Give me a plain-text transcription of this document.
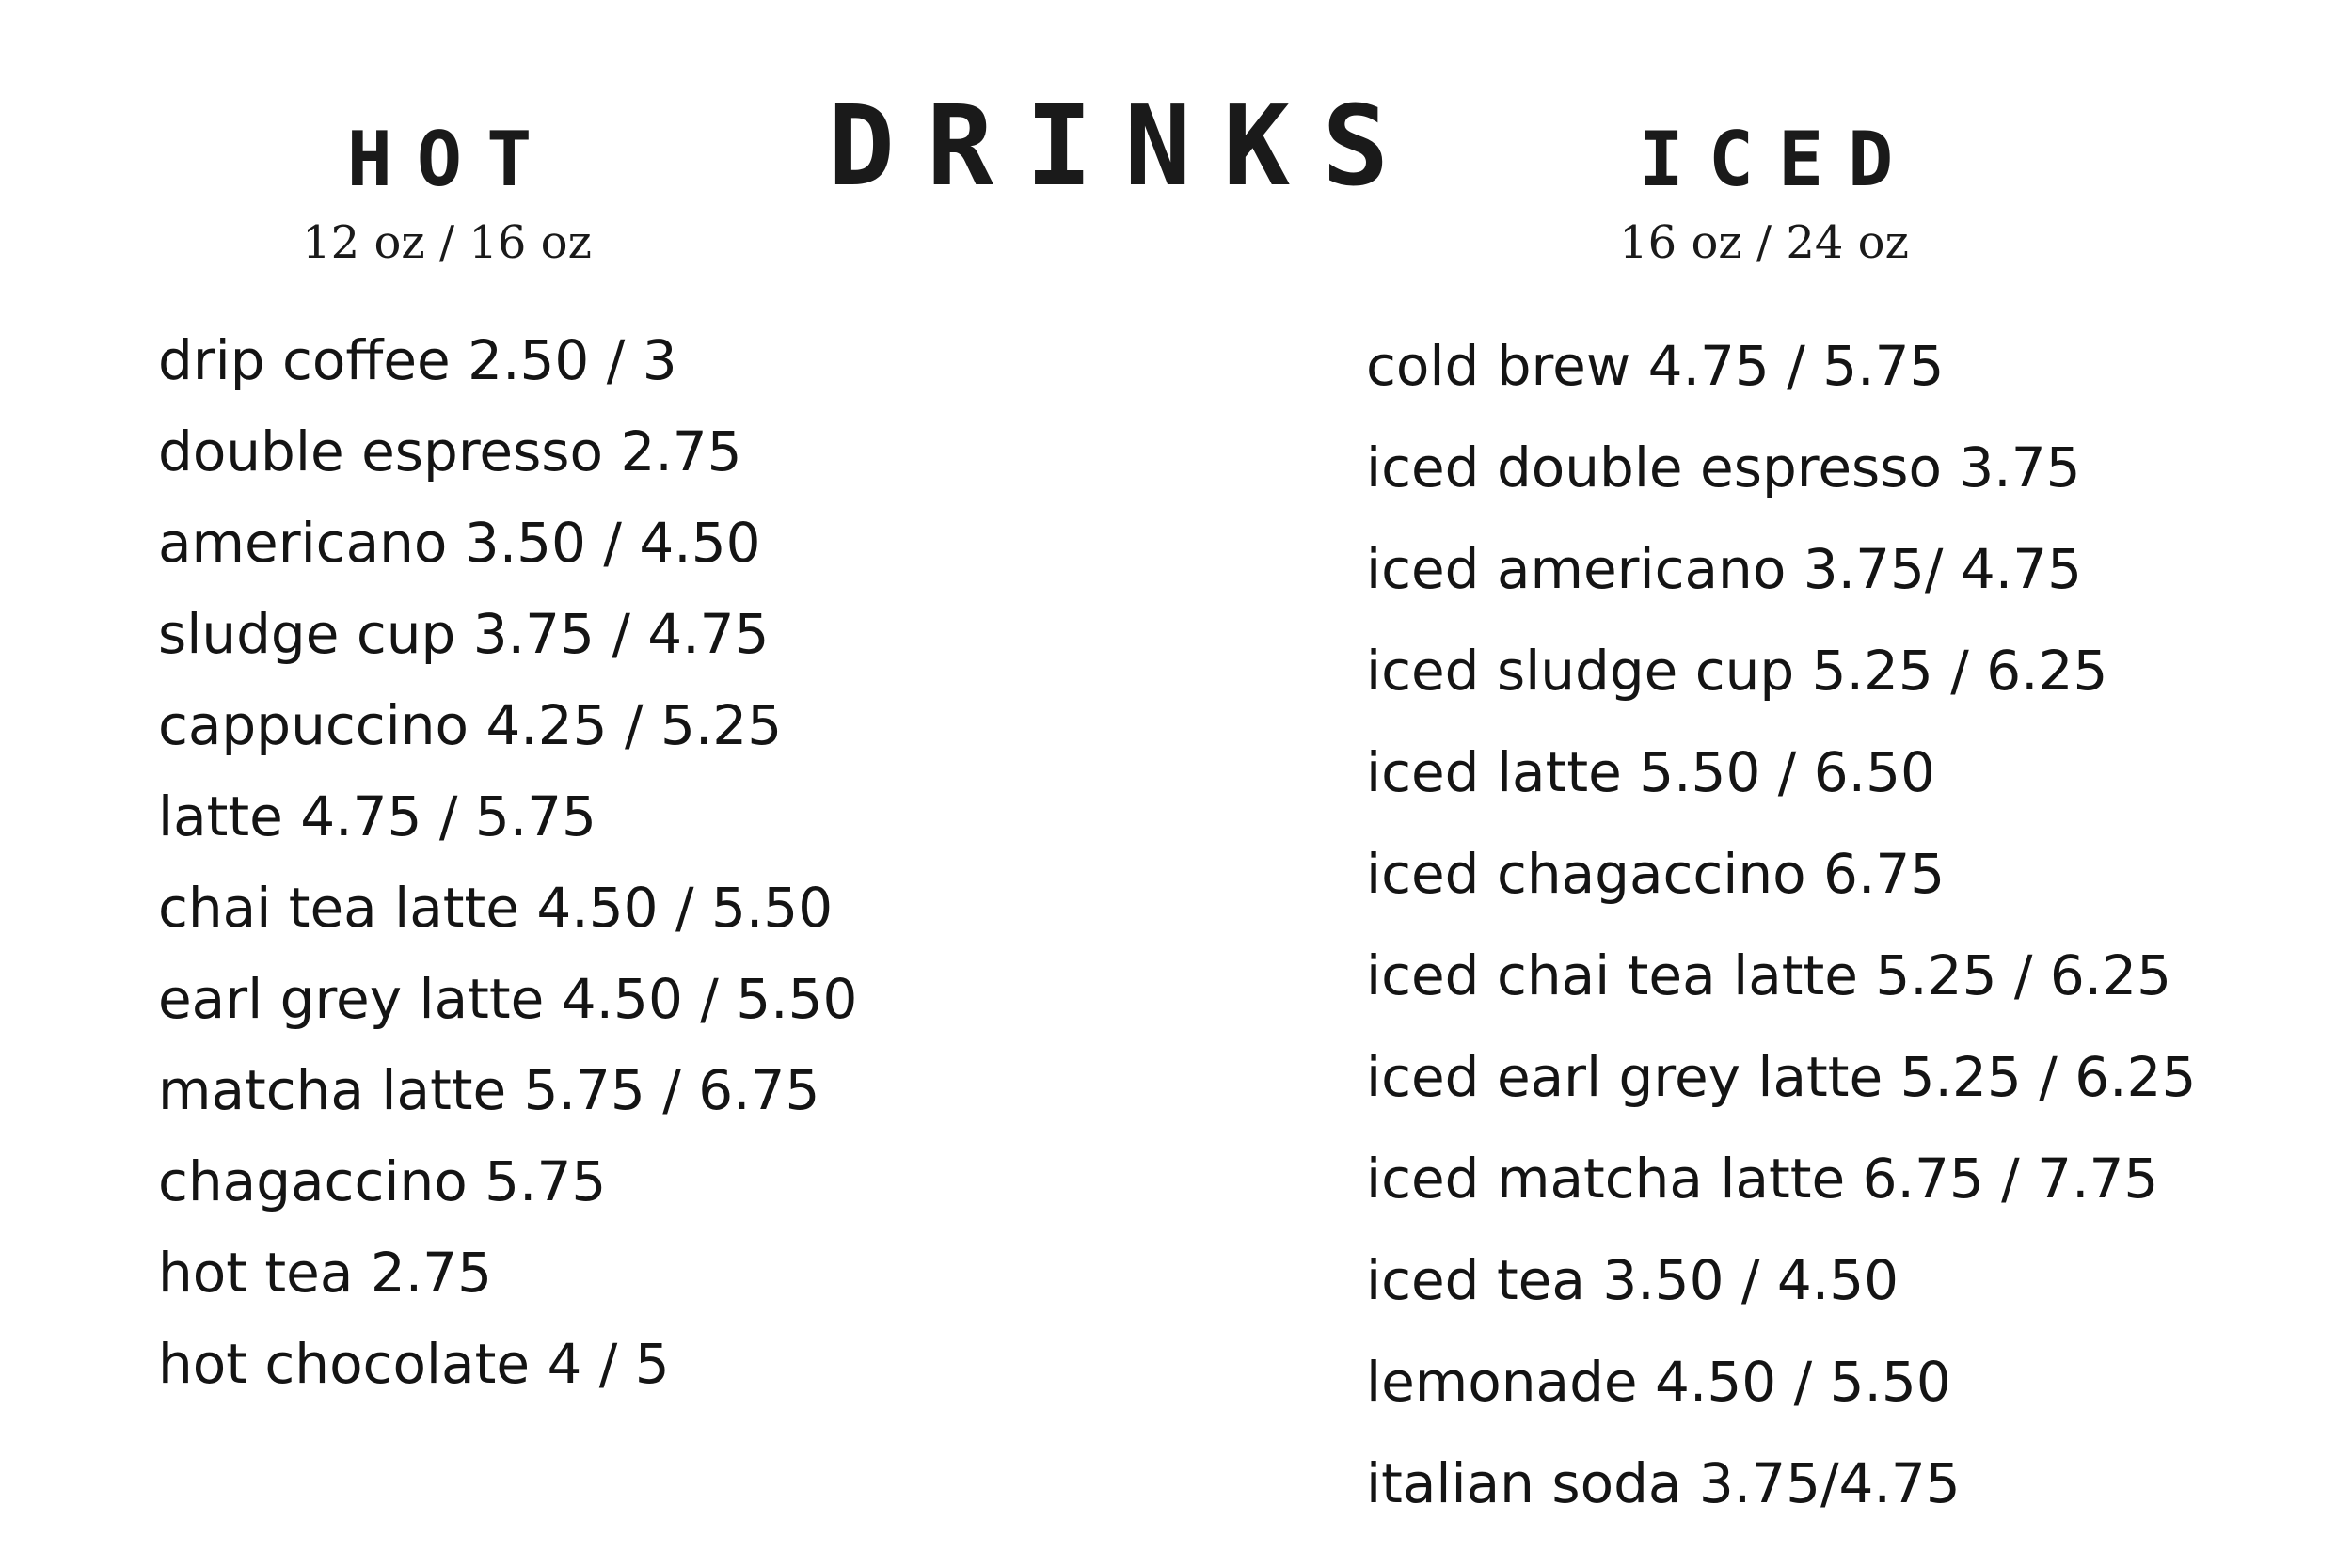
DRINKS
HOT
12 oz / 16 oz
drip coffee 2.50 / 3
double espresso 2.75
americano 3.50 / 4.50
sludge cup 3.75 / 4.75
cappuccino 4.25 / 5.25
latte 4.75 / 5.75
chai tea latte 4.50 / 5.50
earl grey latte 4.50 / 5.50
matcha latte 5.75 / 6.75
chagaccino 5.75
hot tea 2.75
hot chocolate 4 / 5
ICED
16 oz / 24 oz
cold brew 4.75 / 5.75
iced double espresso 3.75
iced americano 3.75/ 4.75
iced sludge cup 5.25 / 6.25
iced latte 5.50 / 6.50
iced chagaccino 6.75
iced chai tea latte 5.25 / 6.25
iced earl grey latte 5.25 / 6.25
iced matcha latte 6.75 / 7.75
iced tea 3.50 / 4.50
lemonade 4.50 / 5.50
italian soda 3.75/4.75
